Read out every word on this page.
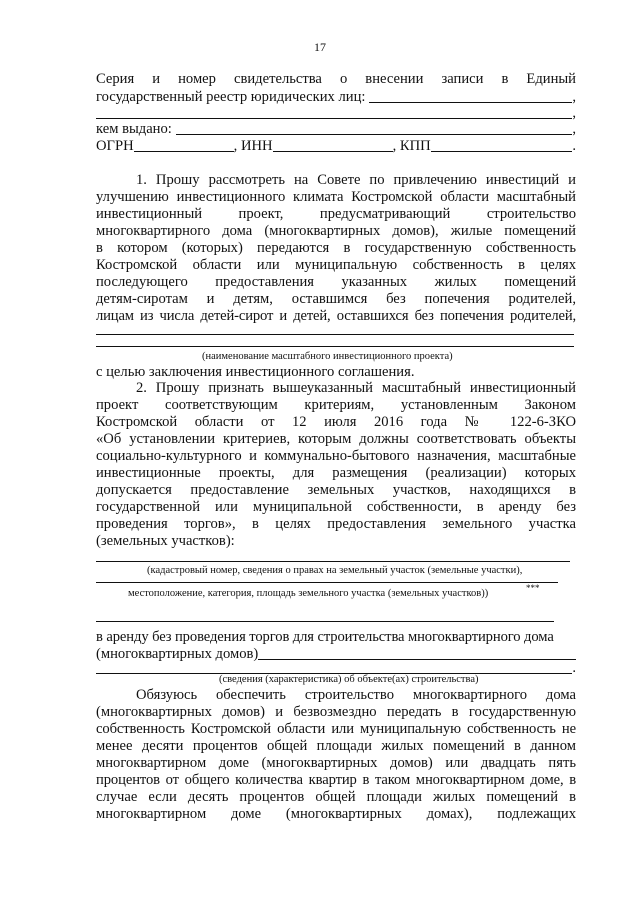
17
Серия и номер свидетельства о внесении записи в Единый
государственный реестр юридических лиц:	,
,
кем выдано:	,
ОГРН	, ИНН	, КПП	.
1. Прошу рассмотреть на Совете по привлечению инвестиций и
улучшению инвестиционного климата Костромской области масштабный
инвестиционный проект, предусматривающий строительство
многоквартирного дома (многоквартирных домов), жилые помещений
в котором (которых) передаются в государственную собственность
Костромской области или муниципальную собственность в целях
последующего предоставления указанных жилых помещений
детям-сиротам и детям, оставшимся без попечения родителей,
лицам из числа детей-сирот и детей, оставшихся без попечения родителей,
(наименование масштабного инвестиционного проекта)
с целью заключения инвестиционного соглашения.
2. Прошу признать вышеуказанный масштабный инвестиционный
проект соответствующим критериям, установленным Законом
Костромской области от 12 июля 2016 года № 122-6-ЗКО
«Об установлении критериев, которым должны соответствовать объекты
социально-культурного и коммунально-бытового назначения, масштабные
инвестиционные проекты, для размещения (реализации) которых
допускается предоставление земельных участков, находящихся в
государственной или муниципальной собственности, в аренду без
проведения торгов», в целях предоставления земельного участка
(земельных участков):
(кадастровый номер, сведения о правах на земельный участок (земельные участки),
местоположение, категория, площадь земельного участка (земельных участков))	***
в аренду без проведения торгов для строительства многоквартирного дома
(многоквартирных домов)
.
(сведения (характеристика) об объекте(ах) строительства)
Обязуюсь обеспечить строительство многоквартирного дома
(многоквартирных домов) и безвозмездно передать в государственную
собственность Костромской области или муниципальную собственность не
менее десяти процентов общей площади жилых помещений в данном
многоквартирном доме (многоквартирных домов) или двадцать пять
процентов от общего количества квартир в таком многоквартирном доме, в
случае если десять процентов общей площади жилых помещений в
многоквартирном доме (многоквартирных домах), подлежащих
